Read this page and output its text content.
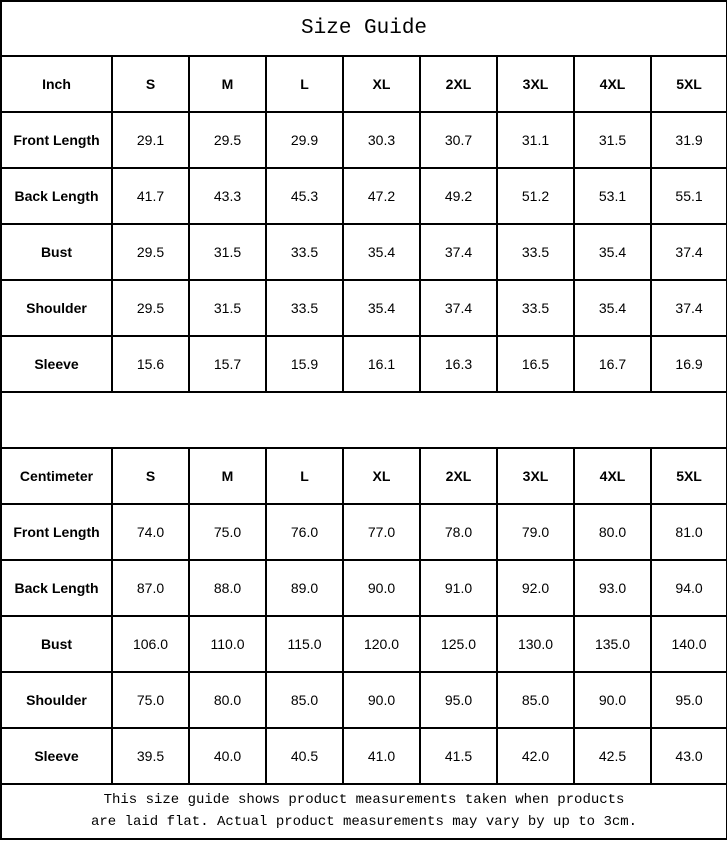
Size Guide								
Inch	S	M	L	XL	2XL	3XL	4XL	5XL
Front Length	29.1	29.5	29.9	30.3	30.7	31.1	31.5	31.9
Back Length	41.7	43.3	45.3	47.2	49.2	51.2	53.1	55.1
Bust	29.5	31.5	33.5	35.4	37.4	33.5	35.4	37.4
Shoulder	29.5	31.5	33.5	35.4	37.4	33.5	35.4	37.4
Sleeve	15.6	15.7	15.9	16.1	16.3	16.5	16.7	16.9

Centimeter	S	M	L	XL	2XL	3XL	4XL	5XL
Front Length	74.0	75.0	76.0	77.0	78.0	79.0	80.0	81.0
Back Length	87.0	88.0	89.0	90.0	91.0	92.0	93.0	94.0
Bust	106.0	110.0	115.0	120.0	125.0	130.0	135.0	140.0
Shoulder	75.0	80.0	85.0	90.0	95.0	85.0	90.0	95.0
Sleeve	39.5	40.0	40.5	41.0	41.5	42.0	42.5	43.0

This size guide shows product measurements taken when products
are laid flat. Actual product measurements may vary by up to 3cm.								
